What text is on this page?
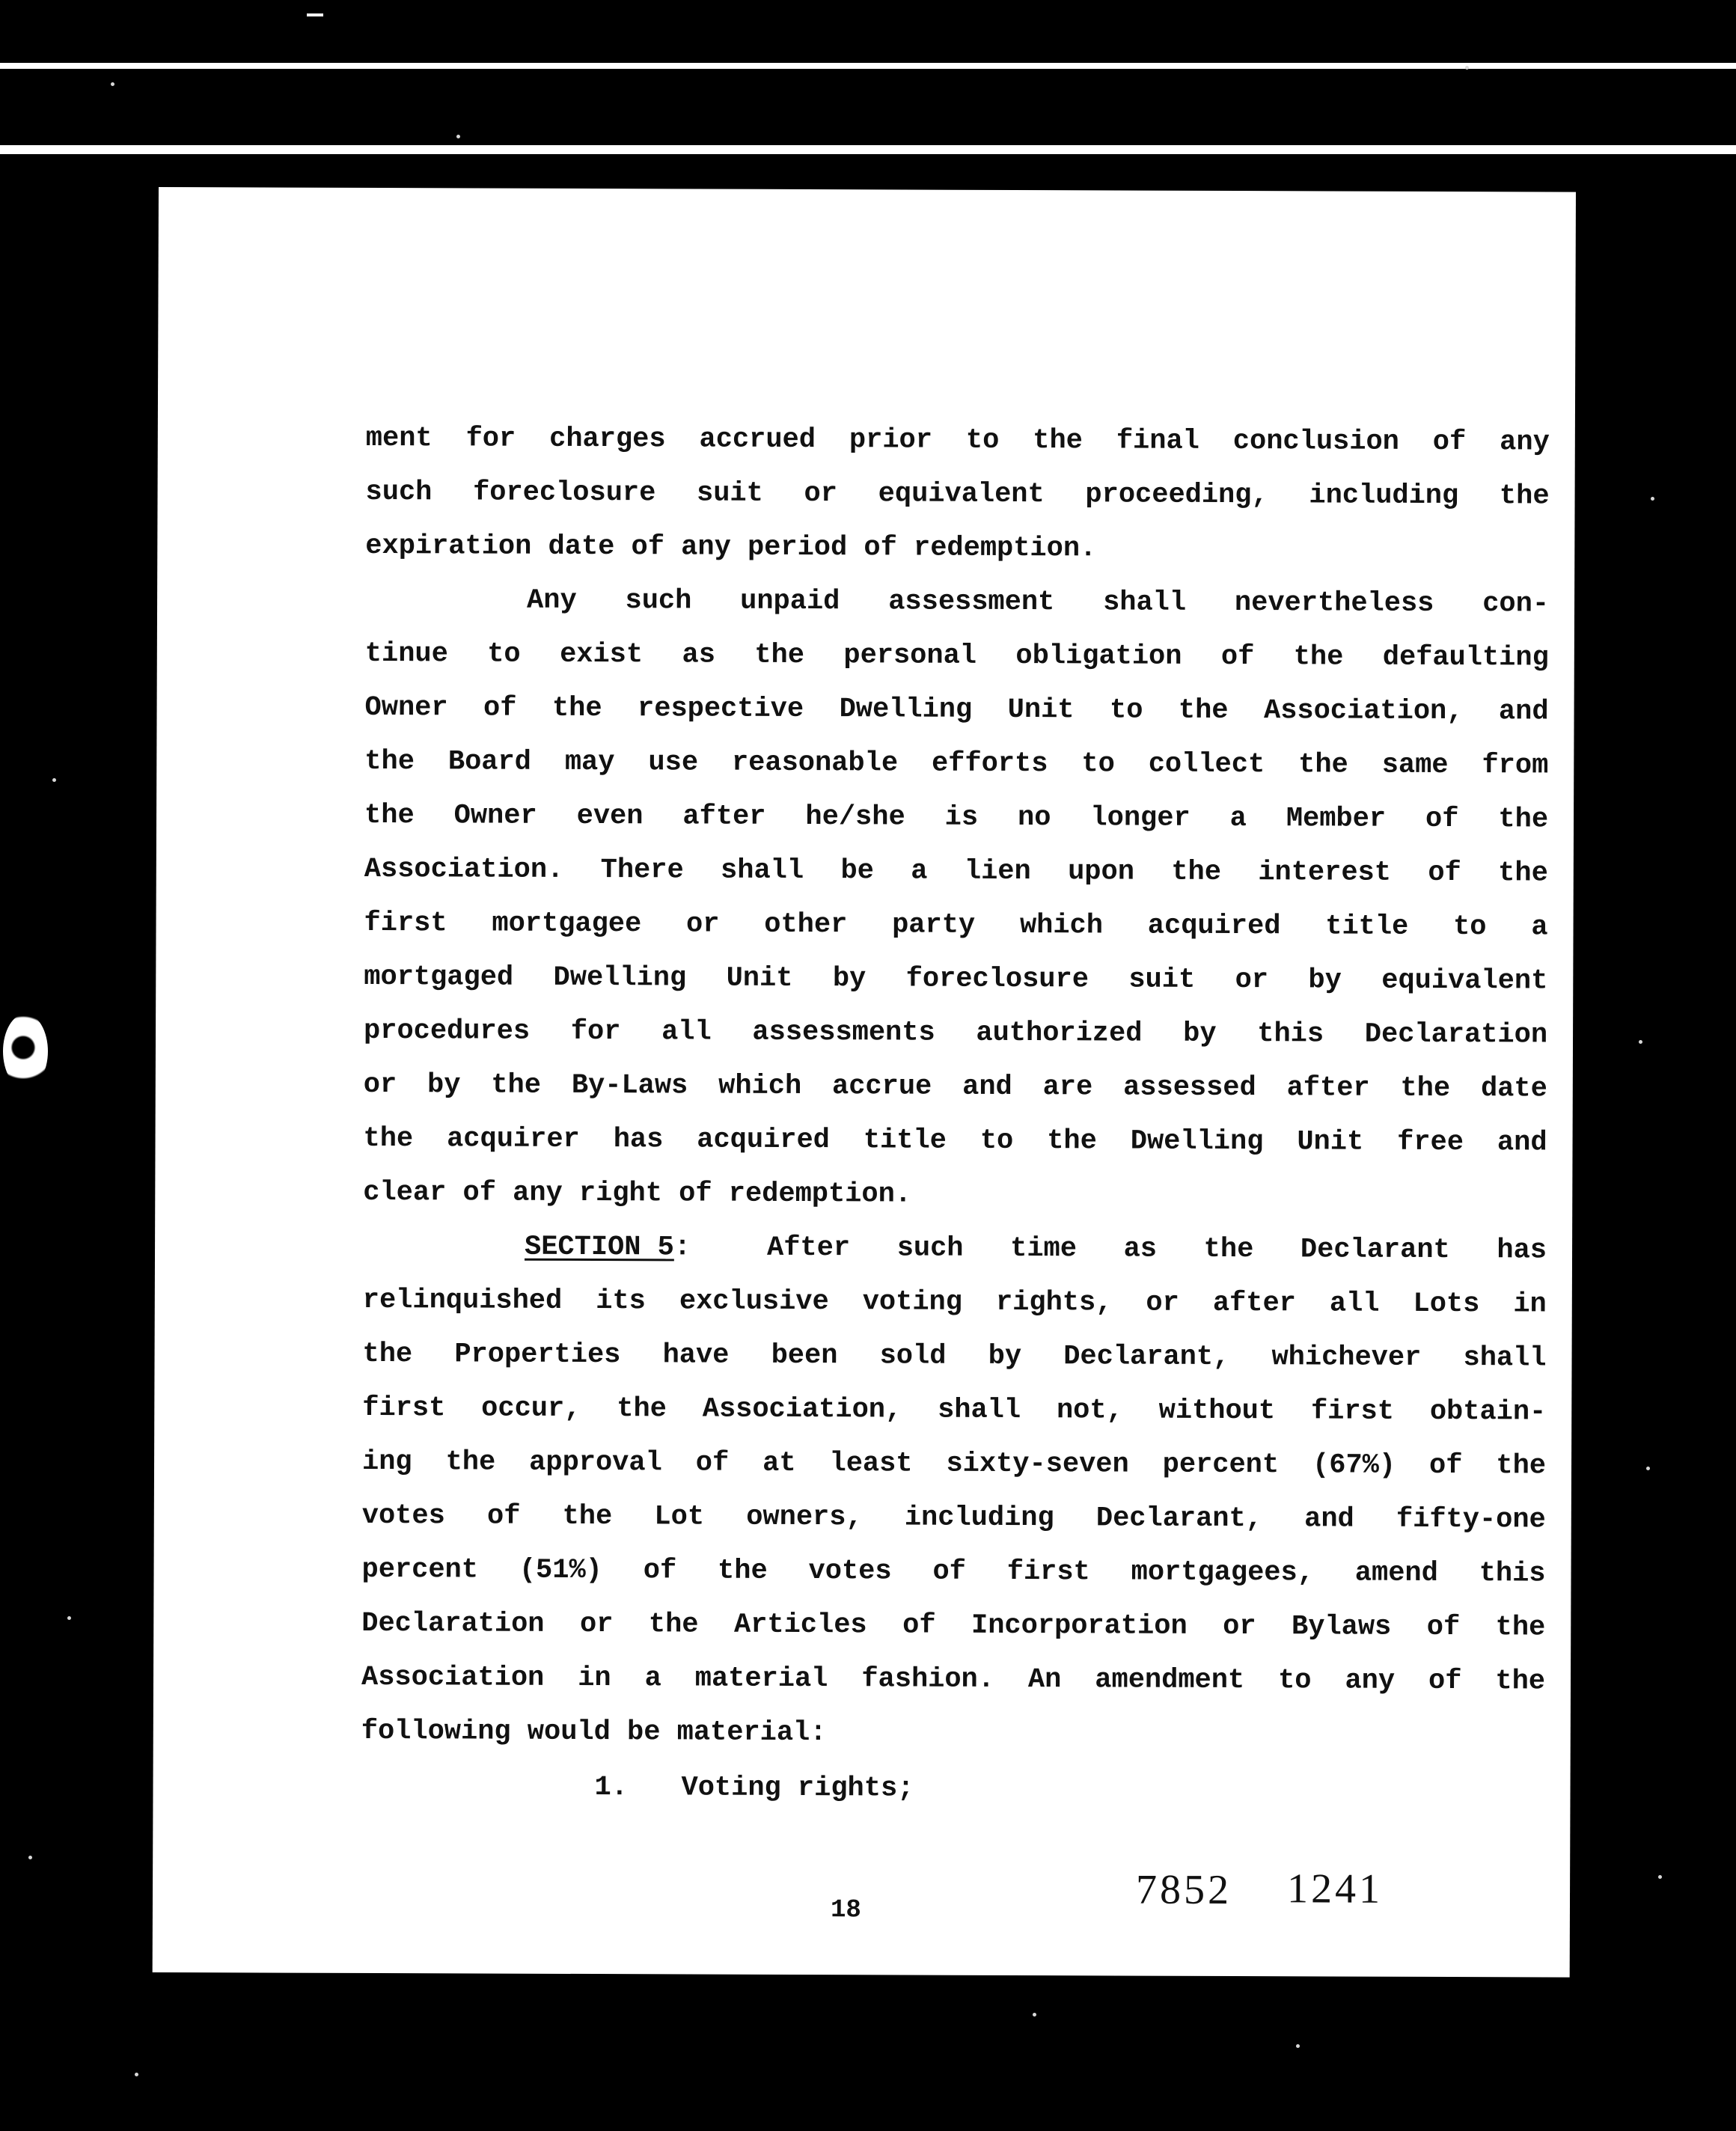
ment for charges accrued prior to the final conclusion of any
such foreclosure suit or equivalent proceeding, including the
expiration date of any period of redemption.
Any such unpaid assessment shall nevertheless con-
tinue to exist as the personal obligation of the defaulting
Owner of the respective Dwelling Unit to the Association, and
the Board may use reasonable efforts to collect the same from
the Owner even after he/she is no longer a Member of the
Association. There shall be a lien upon the interest of the
first mortgagee or other party which acquired title to a
mortgaged Dwelling Unit by foreclosure suit or by equivalent
procedures for all assessments authorized by this Declaration
or by the By-Laws which accrue and are assessed after the date
the acquirer has acquired title to the Dwelling Unit free and
clear of any right of redemption.
SECTION 5:	After such time as the Declarant has
relinquished its exclusive voting rights, or after all Lots in
the Properties have been sold by Declarant, whichever shall
first occur, the Association, shall not, without first obtain-
ing the approval of at least sixty-seven percent (67%) of the
votes of the Lot owners, including Declarant, and fifty-one
percent (51%) of the votes of first mortgagees, amend this
Declaration or the Articles of Incorporation or Bylaws of the
Association in a material fashion. An amendment to any of the
following would be material:
1. Voting rights;
7852 1241
18
